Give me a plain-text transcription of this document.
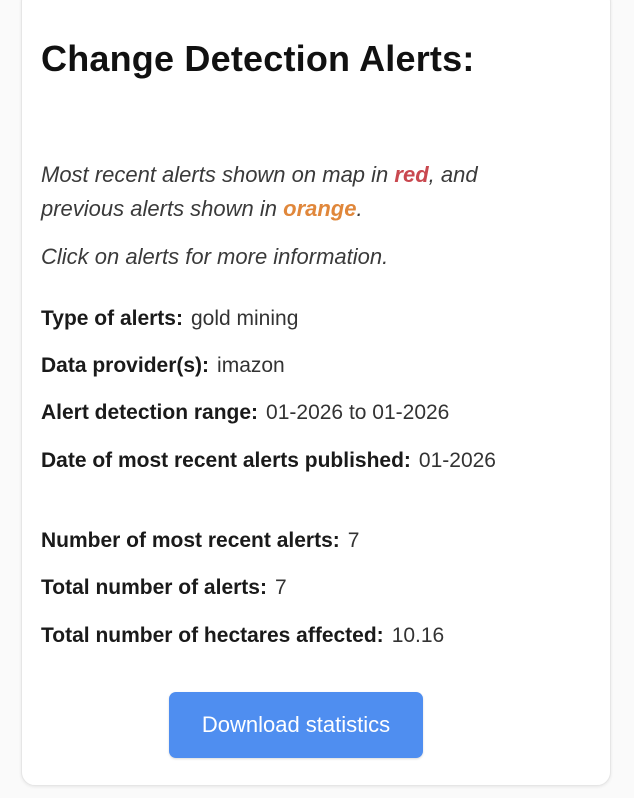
Change Detection Alerts:

Most recent alerts shown on map in red, and previous alerts shown in orange.

Click on alerts for more information.

Type of alerts: gold mining

Data provider(s): imazon

Alert detection range: 01-2026 to 01-2026

Date of most recent alerts published: 01-2026

Number of most recent alerts: 7

Total number of alerts: 7

Total number of hectares affected: 10.16

Download statistics
